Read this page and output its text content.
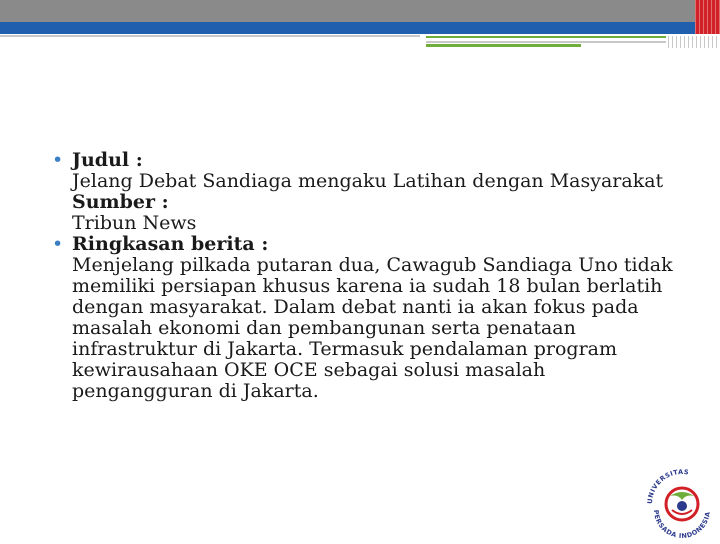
• Judul :
Jelang Debat Sandiaga mengaku Latihan dengan Masyarakat
Sumber :
Tribun News
• Ringkasan berita :
Menjelang pilkada putaran dua, Cawagub Sandiaga Uno tidak memiliki persiapan khusus karena ia sudah 18 bulan berlatih dengan masyarakat. Dalam debat nanti ia akan fokus pada masalah ekonomi dan pembangunan serta penataan infrastruktur di Jakarta. Termasuk pendalaman program kewirausahaan OKE OCE sebagai solusi masalah pengangguran di Jakarta.
UNIVERSITAS
PERSADA INDONESIA
